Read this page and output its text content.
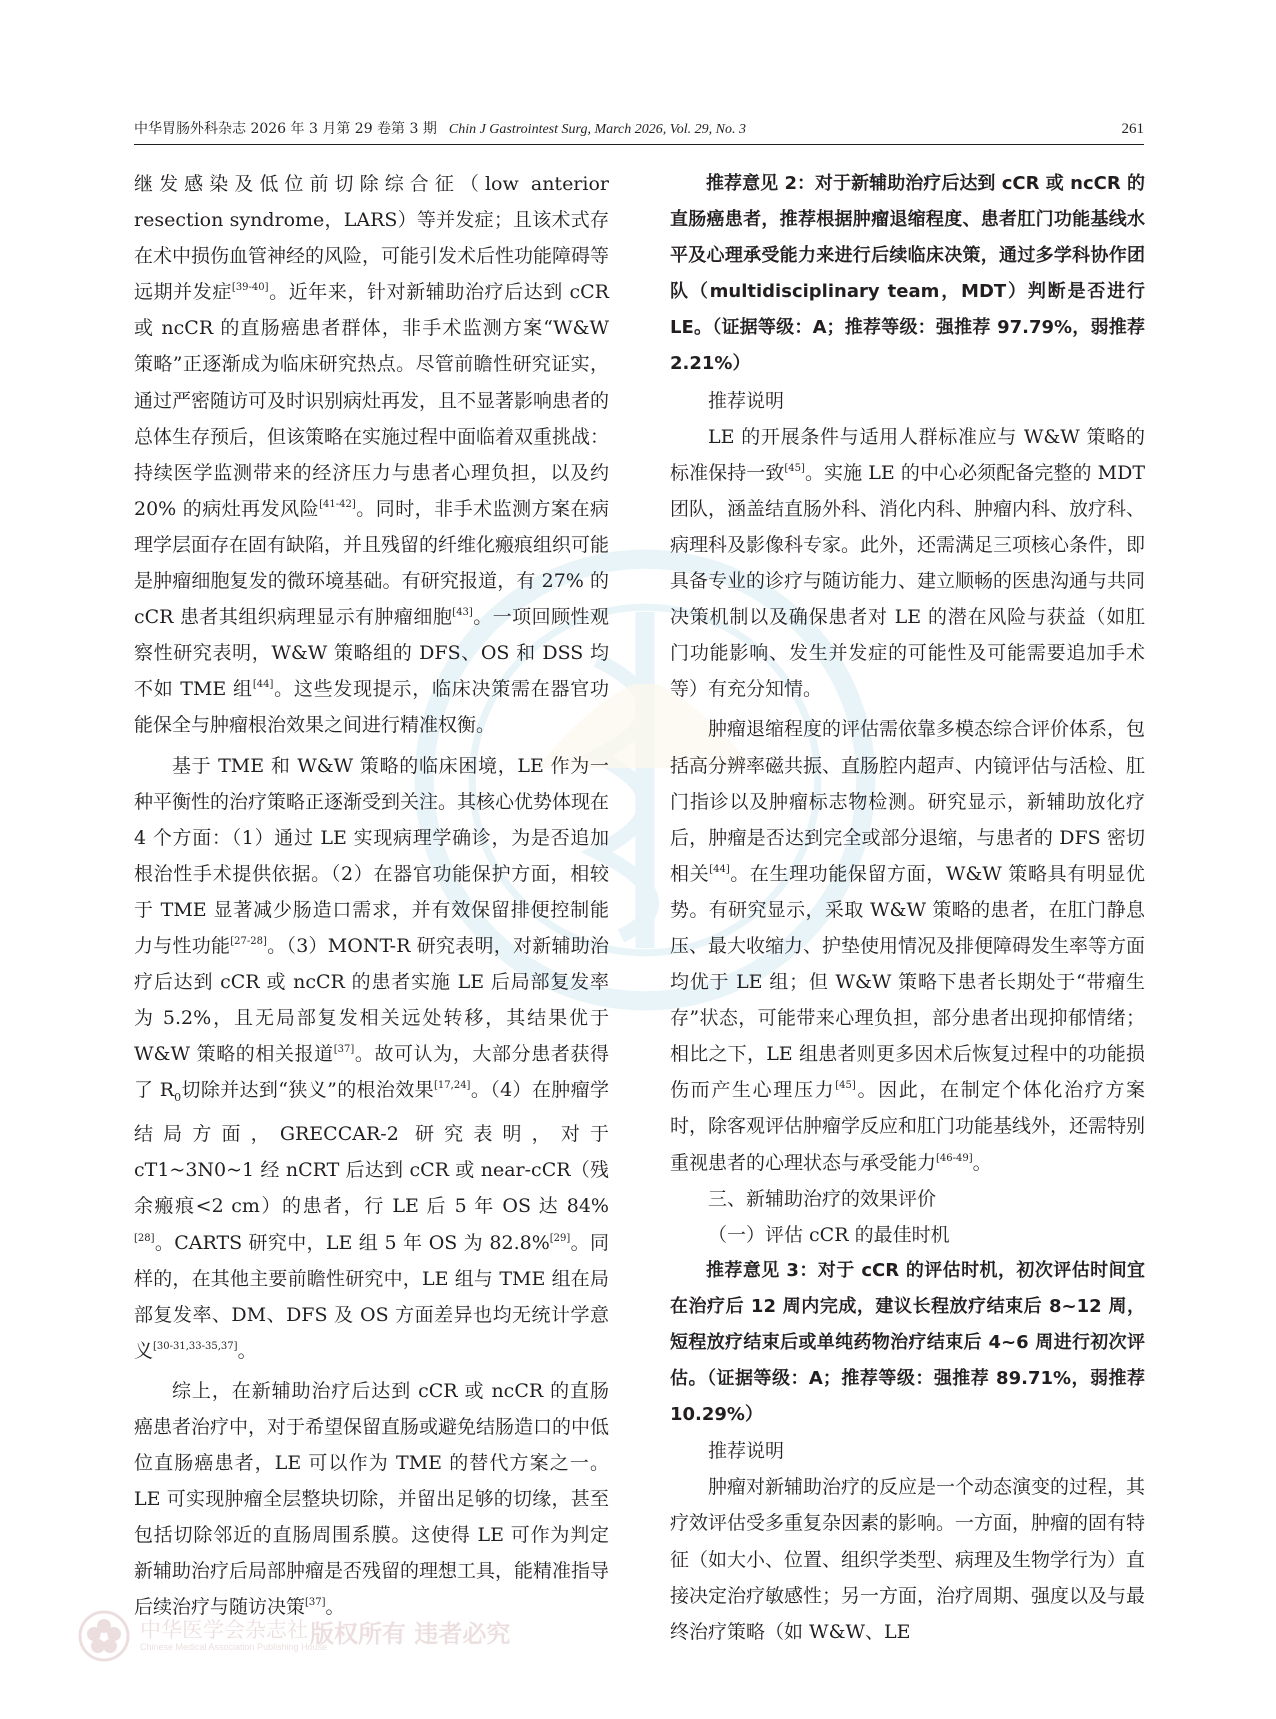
中华胃肠外科杂志 2026 年 3 月第 29 卷第 3 期 Chin J Gastrointest Surg, March 2026, Vol. 29, No. 3	261

继发感染及低位前切除综合征（low anterior resection syndrome，LARS）等并发症；且该术式存在术中损伤血管神经的风险，可能引发术后性功能障碍等远期并发症[39-40]。近年来，针对新辅助治疗后达到 cCR 或 ncCR 的直肠癌患者群体，非手术监测方案“W&W 策略”正逐渐成为临床研究热点。尽管前瞻性研究证实，通过严密随访可及时识别病灶再发，且不显著影响患者的总体生存预后，但该策略在实施过程中面临着双重挑战：持续医学监测带来的经济压力与患者心理负担，以及约 20% 的病灶再发风险[41-42]。同时，非手术监测方案在病理学层面存在固有缺陷，并且残留的纤维化瘢痕组织可能是肿瘤细胞复发的微环境基础。有研究报道，有 27% 的 cCR 患者其组织病理显示有肿瘤细胞[43]。一项回顾性观察性研究表明，W&W 策略组的 DFS、OS 和 DSS 均不如 TME 组[44]。这些发现提示，临床决策需在器官功能保全与肿瘤根治效果之间进行精准权衡。

基于 TME 和 W&W 策略的临床困境，LE 作为一种平衡性的治疗策略正逐渐受到关注。其核心优势体现在 4 个方面：（1）通过 LE 实现病理学确诊，为是否追加根治性手术提供依据。（2）在器官功能保护方面，相较于 TME 显著减少肠造口需求，并有效保留排便控制能力与性功能[27-28]。（3）MONT-R 研究表明，对新辅助治疗后达到 cCR 或 ncCR 的患者实施 LE 后局部复发率为 5.2%，且无局部复发相关远处转移，其结果优于 W&W 策略的相关报道[37]。故可认为，大部分患者获得了 $R_0$切除并达到“狭义”的根治效果[17,24]。（4）在肿瘤学结局方面，GRECCAR-2 研究表明，对于 cT1~3N0~1 经 nCRT 后达到 cCR 或 near-cCR（残余瘢痕<2 cm）的患者，行 LE 后 5 年 OS 达 84%[28]。CARTS 研究中，LE 组 5 年 OS 为 82.8%[29]。同样的，在其他主要前瞻性研究中，LE 组与 TME 组在局部复发率、DM、DFS 及 OS 方面差异也均无统计学意义[30-31,33-35,37]。

综上，在新辅助治疗后达到 cCR 或 ncCR 的直肠癌患者治疗中，对于希望保留直肠或避免结肠造口的中低位直肠癌患者，LE 可以作为 TME 的替代方案之一。LE 可实现肿瘤全层整块切除，并留出足够的切缘，甚至包括切除邻近的直肠周围系膜。这使得 LE 可作为判定新辅助治疗后局部肿瘤是否残留的理想工具，能精准指导后续治疗与随访决策[37]。

推荐意见 2：对于新辅助治疗后达到 cCR 或 ncCR 的直肠癌患者，推荐根据肿瘤退缩程度、患者肛门功能基线水平及心理承受能力来进行后续临床决策，通过多学科协作团队（multidisciplinary team，MDT）判断是否进行 LE。（证据等级：A；推荐等级：强推荐 97.79%，弱推荐 2.21%）

推荐说明

LE 的开展条件与适用人群标准应与 W&W 策略的标准保持一致[45]。实施 LE 的中心必须配备完整的 MDT 团队，涵盖结直肠外科、消化内科、肿瘤内科、放疗科、病理科及影像科专家。此外，还需满足三项核心条件，即具备专业的诊疗与随访能力、建立顺畅的医患沟通与共同决策机制以及确保患者对 LE 的潜在风险与获益（如肛门功能影响、发生并发症的可能性及可能需要追加手术等）有充分知情。

肿瘤退缩程度的评估需依靠多模态综合评价体系，包括高分辨率磁共振、直肠腔内超声、内镜评估与活检、肛门指诊以及肿瘤标志物检测。研究显示，新辅助放化疗后，肿瘤是否达到完全或部分退缩，与患者的 DFS 密切相关[44]。在生理功能保留方面，W&W 策略具有明显优势。有研究显示，采取 W&W 策略的患者，在肛门静息压、最大收缩力、护垫使用情况及排便障碍发生率等方面均优于 LE 组；但 W&W 策略下患者长期处于“带瘤生存”状态，可能带来心理负担，部分患者出现抑郁情绪；相比之下，LE 组患者则更多因术后恢复过程中的功能损伤而产生心理压力[45]。因此，在制定个体化治疗方案时，除客观评估肿瘤学反应和肛门功能基线外，还需特别重视患者的心理状态与承受能力[46-49]。

三、新辅助治疗的效果评价

（一）评估 cCR 的最佳时机

推荐意见 3：对于 cCR 的评估时机，初次评估时间宜在治疗后 12 周内完成，建议长程放疗结束后 8~12 周，短程放疗结束后或单纯药物治疗结束后 4~6 周进行初次评估。（证据等级：A；推荐等级：强推荐 89.71%，弱推荐 10.29%）

推荐说明

肿瘤对新辅助治疗的反应是一个动态演变的过程，其疗效评估受多重复杂因素的影响。一方面，肿瘤的固有特征（如大小、位置、组织学类型、病理及生物学行为）直接决定治疗敏感性；另一方面，治疗周期、强度以及与最终治疗策略（如 W&W、LE

中华医学会杂志社
Chinese Medical Association Publishing House
版权所有 违者必究
